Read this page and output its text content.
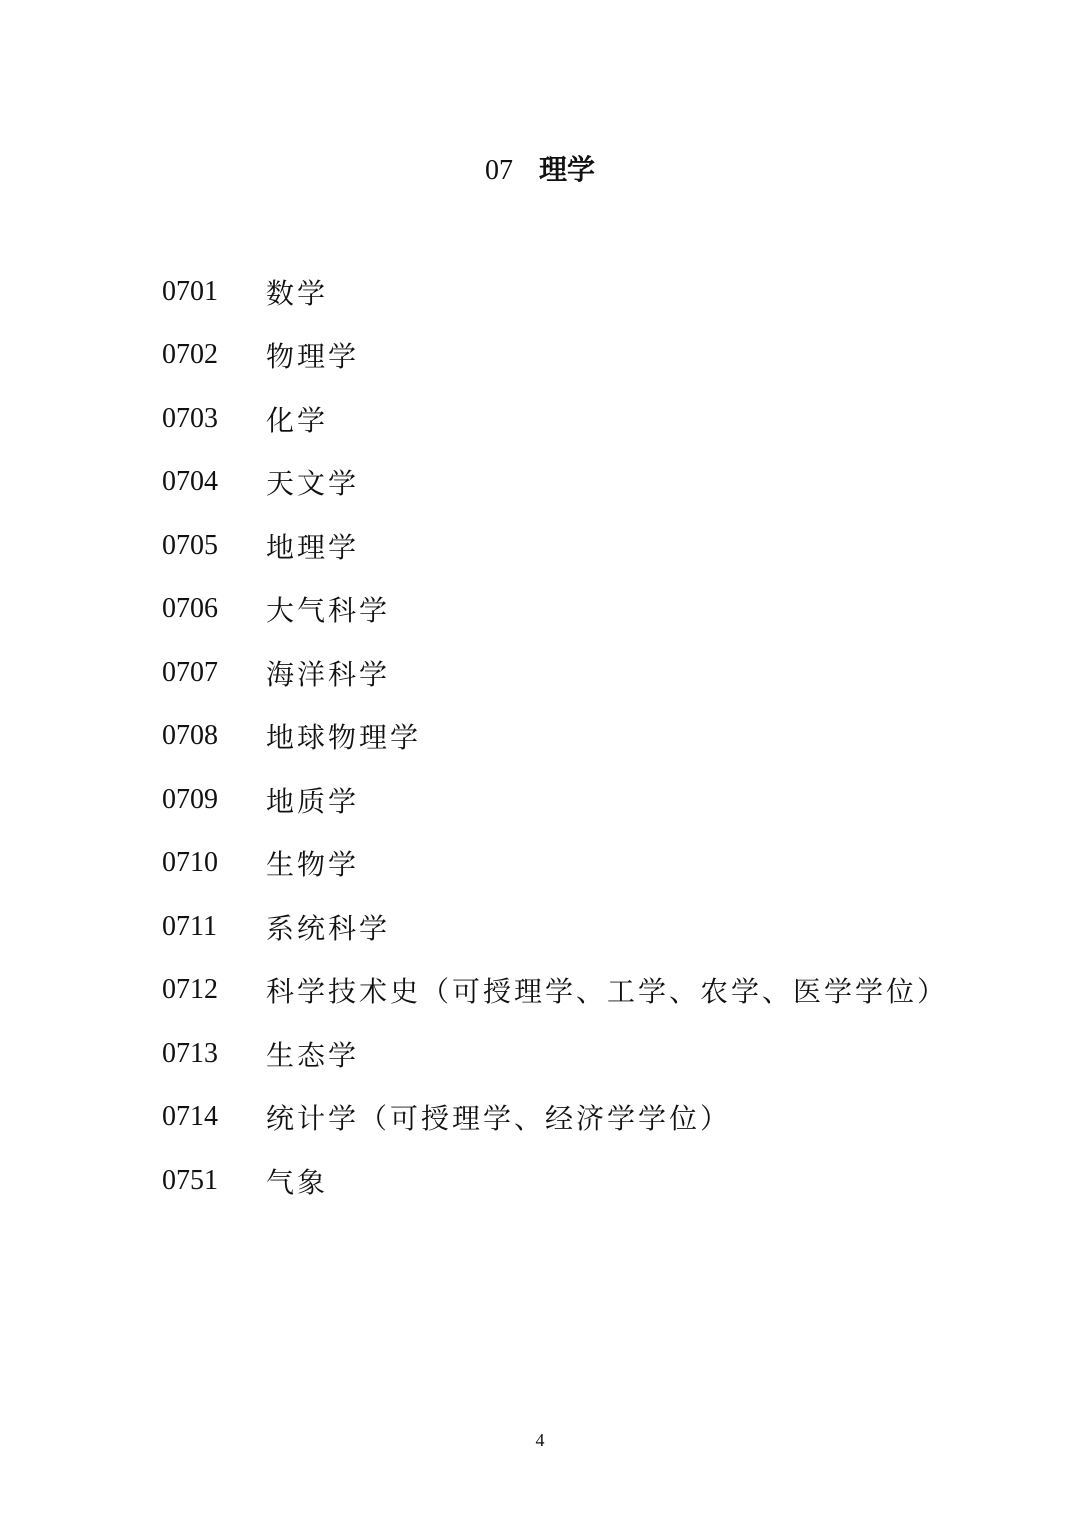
07 理学
0701	数学
0702	物理学
0703	化学
0704	天文学
0705	地理学
0706	大气科学
0707	海洋科学
0708	地球物理学
0709	地质学
0710	生物学
0711	系统科学
0712	科学技术史（可授理学、工学、农学、医学学位）
0713	生态学
0714	统计学（可授理学、经济学学位）
0751	气象
4
